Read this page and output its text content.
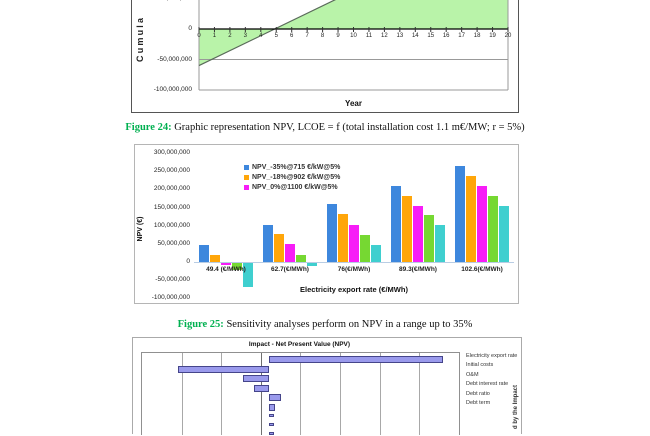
Cumula	0
-50,000,000
-100,000,000
0	1	2	3	4	5	6	7	8	9	10	11	12	13	14	15	16	17	18	19	20
Year
Figure 24: Graphic representation NPV, LCOE = f (total installation cost 1.1 m€/MW; r = 5%)
NPV (€)
300,000,000
250,000,000
200,000,000
150,000,000
100,000,000
50,000,000
0
-50,000,000
-100,000,000
49.4 (€/MWh)	62.7(€/MWh)	76(€/MWh)	89.3(€/MWh)	102.6(€/MWh)
NPV_-35%@715 €/kW@5%
NPV_-18%@902 €/kW@5%
NPV_0%@1100 €/kW@5%
Electricity export rate (€/MWh)
Figure 25: Sensitivity analyses perform on NPV in a range up to 35%
Impact - Net Present Value (NPV)
Electricity export rate
Initial costs
O&M
Debt interest rate
Debt ratio
Debt term	d by the Impact
